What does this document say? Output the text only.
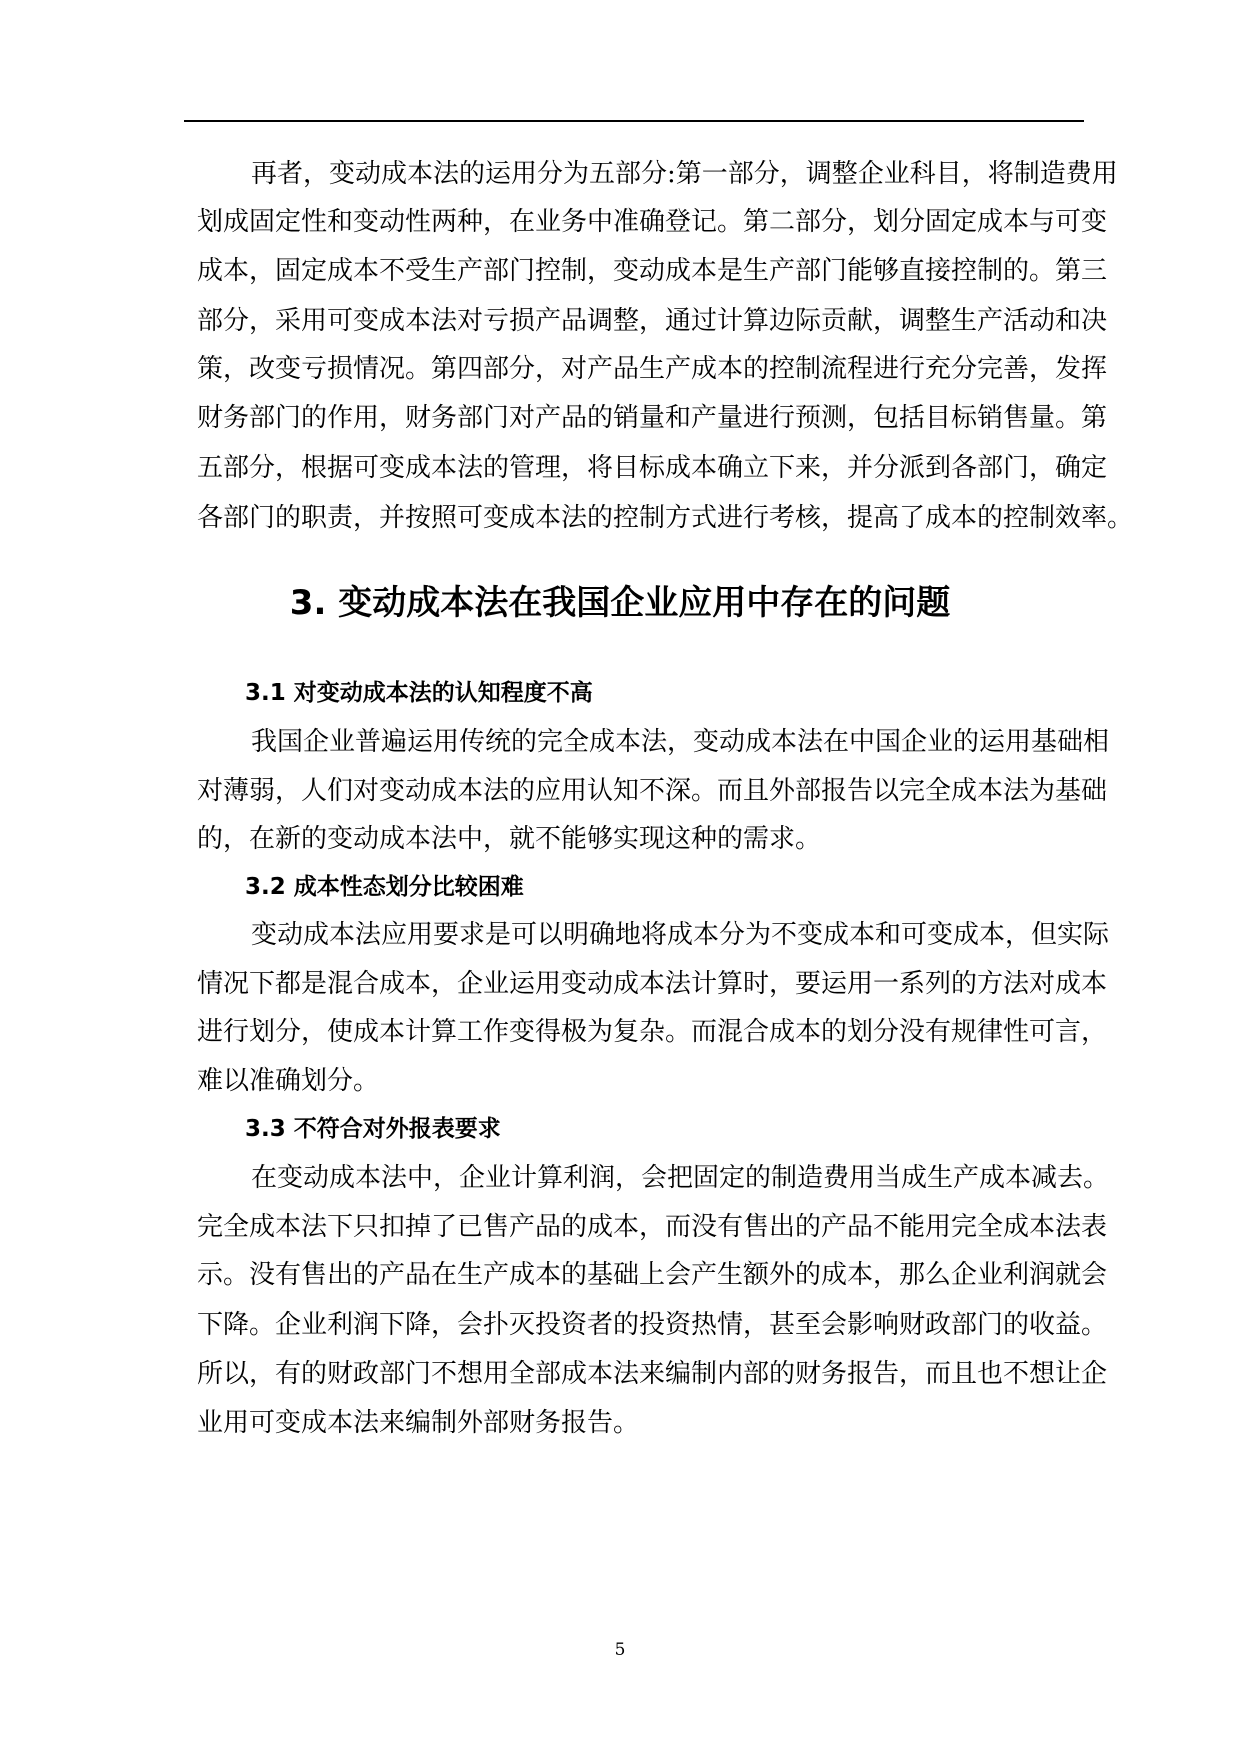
再者，变动成本法的运用分为五部分:第一部分，调整企业科目，将制造费用
划成固定性和变动性两种，在业务中准确登记。第二部分，划分固定成本与可变
成本，固定成本不受生产部门控制，变动成本是生产部门能够直接控制的。第三
部分，采用可变成本法对亏损产品调整，通过计算边际贡献，调整生产活动和决
策，改变亏损情况。第四部分，对产品生产成本的控制流程进行充分完善，发挥
财务部门的作用，财务部门对产品的销量和产量进行预测，包括目标销售量。第
五部分，根据可变成本法的管理，将目标成本确立下来，并分派到各部门，确定
各部门的职责，并按照可变成本法的控制方式进行考核，提高了成本的控制效率。
3. 变动成本法在我国企业应用中存在的问题
3.1 对变动成本法的认知程度不高
我国企业普遍运用传统的完全成本法，变动成本法在中国企业的运用基础相
对薄弱，人们对变动成本法的应用认知不深。而且外部报告以完全成本法为基础
的，在新的变动成本法中，就不能够实现这种的需求。
3.2 成本性态划分比较困难
变动成本法应用要求是可以明确地将成本分为不变成本和可变成本，但实际
情况下都是混合成本，企业运用变动成本法计算时，要运用一系列的方法对成本
进行划分，使成本计算工作变得极为复杂。而混合成本的划分没有规律性可言，
难以准确划分。
3.3 不符合对外报表要求
在变动成本法中，企业计算利润，会把固定的制造费用当成生产成本减去。
完全成本法下只扣掉了已售产品的成本，而没有售出的产品不能用完全成本法表
示。没有售出的产品在生产成本的基础上会产生额外的成本，那么企业利润就会
下降。企业利润下降，会扑灭投资者的投资热情，甚至会影响财政部门的收益。
所以，有的财政部门不想用全部成本法来编制内部的财务报告，而且也不想让企
业用可变成本法来编制外部财务报告。
5
